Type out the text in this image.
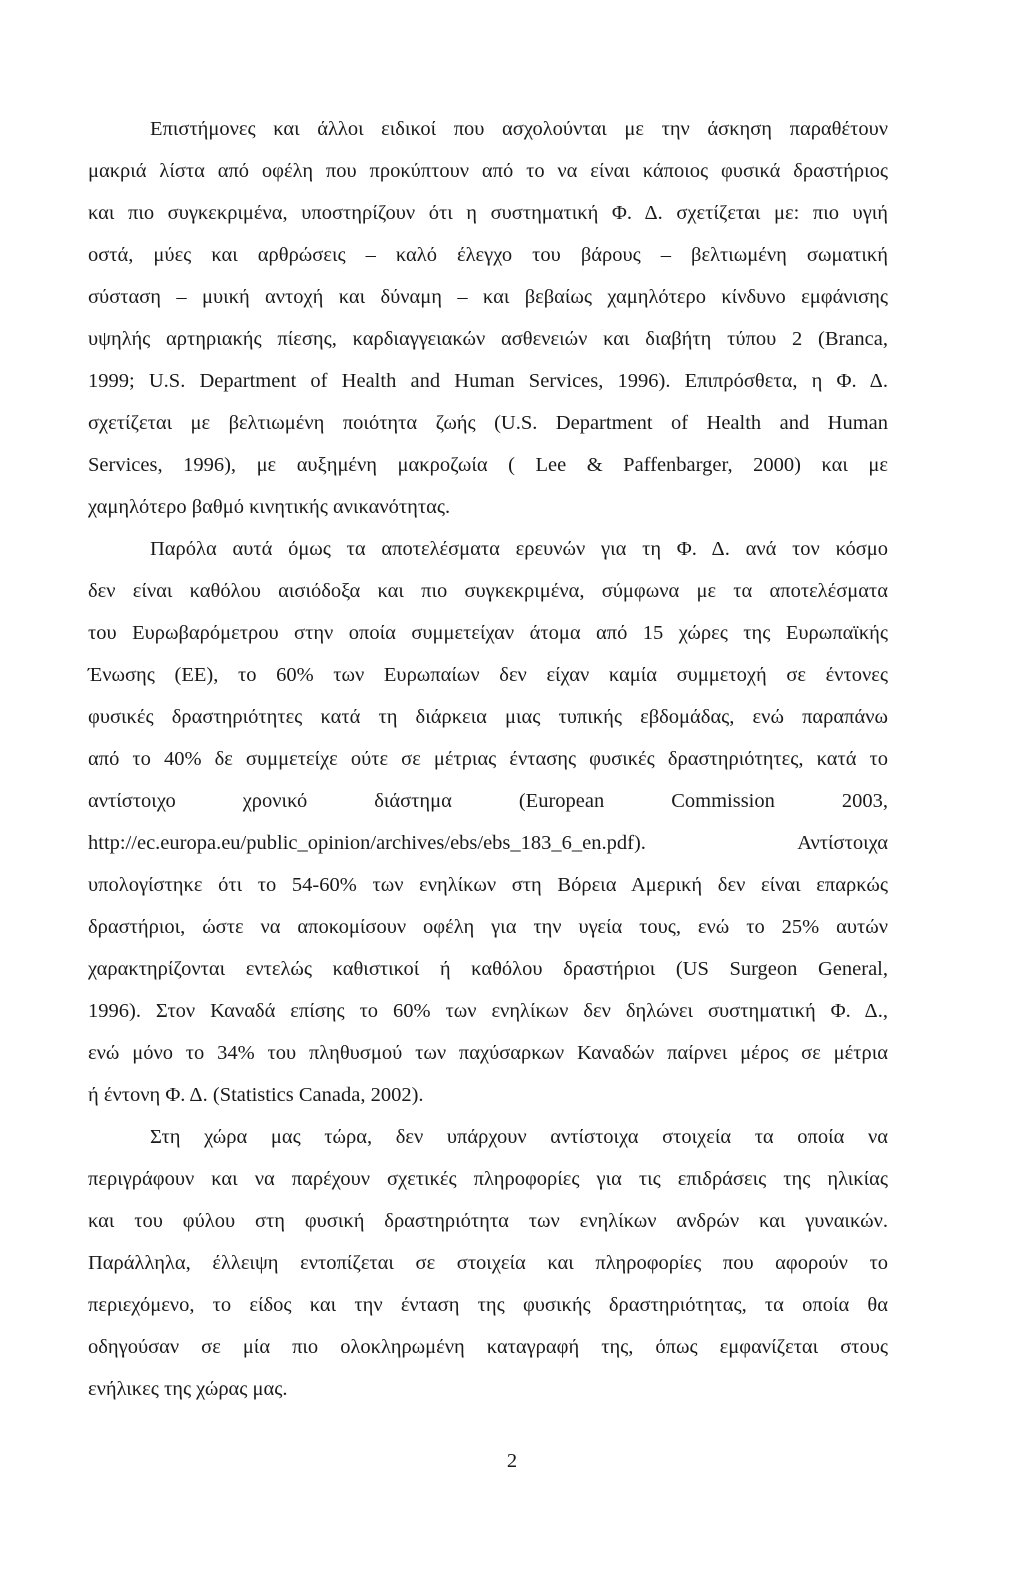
Επιστήμονες και άλλοι ειδικοί που ασχολούνται με την άσκηση παραθέτουν
μακριά λίστα από οφέλη που προκύπτουν από το να είναι κάποιος φυσικά δραστήριος
και πιο συγκεκριμένα, υποστηρίζουν ότι η συστηματική Φ. Δ. σχετίζεται με: πιο υγιή
οστά, μύες και αρθρώσεις – καλό έλεγχο του βάρους – βελτιωμένη σωματική
σύσταση – μυική αντοχή και δύναμη – και βεβαίως χαμηλότερο κίνδυνο εμφάνισης
υψηλής αρτηριακής πίεσης, καρδιαγγειακών ασθενειών και διαβήτη τύπου 2 (Branca,
1999; U.S. Department of Health and Human Services, 1996). Επιπρόσθετα, η Φ. Δ.
σχετίζεται με βελτιωμένη ποιότητα ζωής (U.S. Department of Health and Human
Services, 1996), με αυξημένη μακροζωία ( Lee & Paffenbarger, 2000) και με
χαμηλότερο βαθμό κινητικής ανικανότητας.
Παρόλα αυτά όμως τα αποτελέσματα ερευνών για τη Φ. Δ. ανά τον κόσμο
δεν είναι καθόλου αισιόδοξα και πιο συγκεκριμένα, σύμφωνα με τα αποτελέσματα
του Ευρωβαρόμετρου στην οποία συμμετείχαν άτομα από 15 χώρες της Ευρωπαϊκής
Ένωσης (ΕΕ), το 60% των Ευρωπαίων δεν είχαν καμία συμμετοχή σε έντονες
φυσικές δραστηριότητες κατά τη διάρκεια μιας τυπικής εβδομάδας, ενώ παραπάνω
από το 40% δε συμμετείχε ούτε σε μέτριας έντασης φυσικές δραστηριότητες, κατά το
αντίστοιχο χρονικό διάστημα (European Commission 2003,
http://ec.europa.eu/public_opinion/archives/ebs/ebs_183_6_en.pdf). Αντίστοιχα
υπολογίστηκε ότι το 54-60% των ενηλίκων στη Βόρεια Αμερική δεν είναι επαρκώς
δραστήριοι, ώστε να αποκομίσουν οφέλη για την υγεία τους, ενώ το 25% αυτών
χαρακτηρίζονται εντελώς καθιστικοί ή καθόλου δραστήριοι (US Surgeon General,
1996). Στον Καναδά επίσης το 60% των ενηλίκων δεν δηλώνει συστηματική Φ. Δ.,
ενώ μόνο το 34% του πληθυσμού των παχύσαρκων Καναδών παίρνει μέρος σε μέτρια
ή έντονη Φ. Δ. (Statistics Canada, 2002).
Στη χώρα μας τώρα, δεν υπάρχουν αντίστοιχα στοιχεία τα οποία να
περιγράφουν και να παρέχουν σχετικές πληροφορίες για τις επιδράσεις της ηλικίας
και του φύλου στη φυσική δραστηριότητα των ενηλίκων ανδρών και γυναικών.
Παράλληλα, έλλειψη εντοπίζεται σε στοιχεία και πληροφορίες που αφορούν το
περιεχόμενο, το είδος και την ένταση της φυσικής δραστηριότητας, τα οποία θα
οδηγούσαν σε μία πιο ολοκληρωμένη καταγραφή της, όπως εμφανίζεται στους
ενήλικες της χώρας μας.
2
